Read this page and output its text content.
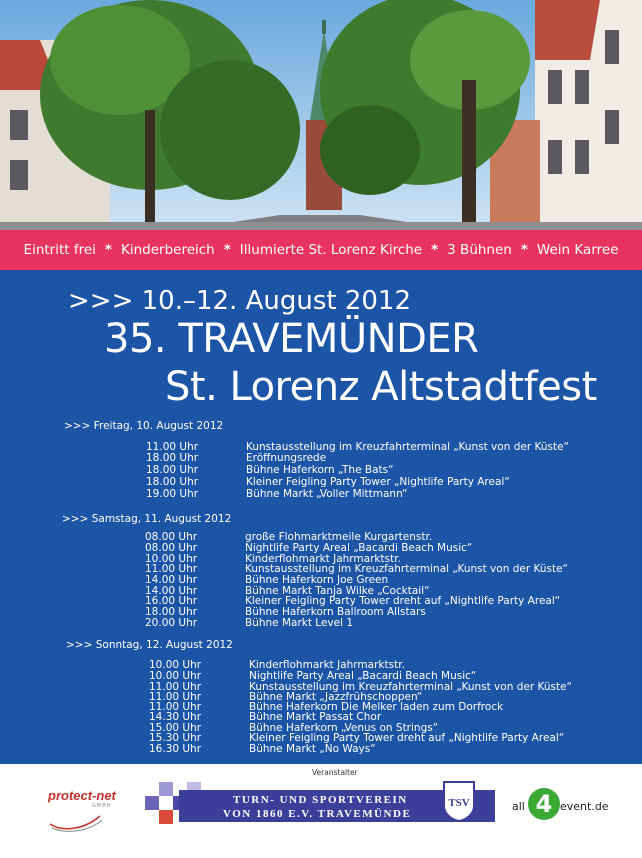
Eintritt frei * Kinderbereich * Illumierte St. Lorenz Kirche * 3 Bühnen * Wein Karree
>>> 10.–12. August 2012
35. TRAVEMÜNDER
St. Lorenz Altstadtfest
>>> Freitag, 10. August 2012
11.00 Uhr	Kunstausstellung im Kreuzfahrterminal „Kunst von der Küste“
18.00 Uhr	Eröffnungsrede
18.00 Uhr	Bühne Haferkorn „The Bats“
18.00 Uhr	Kleiner Feigling Party Tower „Nightlife Party Areal“
19.00 Uhr	Bühne Markt „Voller Mittmann“
>>> Samstag, 11. August 2012
08.00 Uhr	große Flohmarktmeile Kurgartenstr.
08.00 Uhr	Nightlife Party Areal „Bacardi Beach Music“
10.00 Uhr	Kinderflohmarkt Jahrmarktstr.
11.00 Uhr	Kunstausstellung im Kreuzfahrterminal „Kunst von der Küste“
14.00 Uhr	Bühne Haferkorn Joe Green
14.00 Uhr	Bühne Markt Tanja Wilke „Cocktail“
16.00 Uhr	Kleiner Feigling Party Tower dreht auf „Nightlife Party Areal“
18.00 Uhr	Bühne Haferkorn Ballroom Allstars
20.00 Uhr	Bühne Markt Level 1
>>> Sonntag, 12. August 2012
10.00 Uhr	Kinderflohmarkt Jahrmarktstr.
10.00 Uhr	Nightlife Party Areal „Bacardi Beach Music“
11.00 Uhr	Kunstausstellung im Kreuzfahrterminal „Kunst von der Küste“
11.00 Uhr	Bühne Markt „Jazzfrühschoppen“
11.00 Uhr	Bühne Haferkorn Die Melker laden zum Dorfrock
14.30 Uhr	Bühne Markt Passat Chor
15.00 Uhr	Bühne Haferkorn „Venus on Strings“
15.30 Uhr	Kleiner Feigling Party Tower dreht auf „Nightlife Party Areal“
16.30 Uhr	Bühne Markt „No Ways“
Veranstalter
protect-net
GMBH	TURN- UND SPORTVEREIN
VON 1860 E.V. TRAVEMÜNDE
TSV	all 4 event.de
